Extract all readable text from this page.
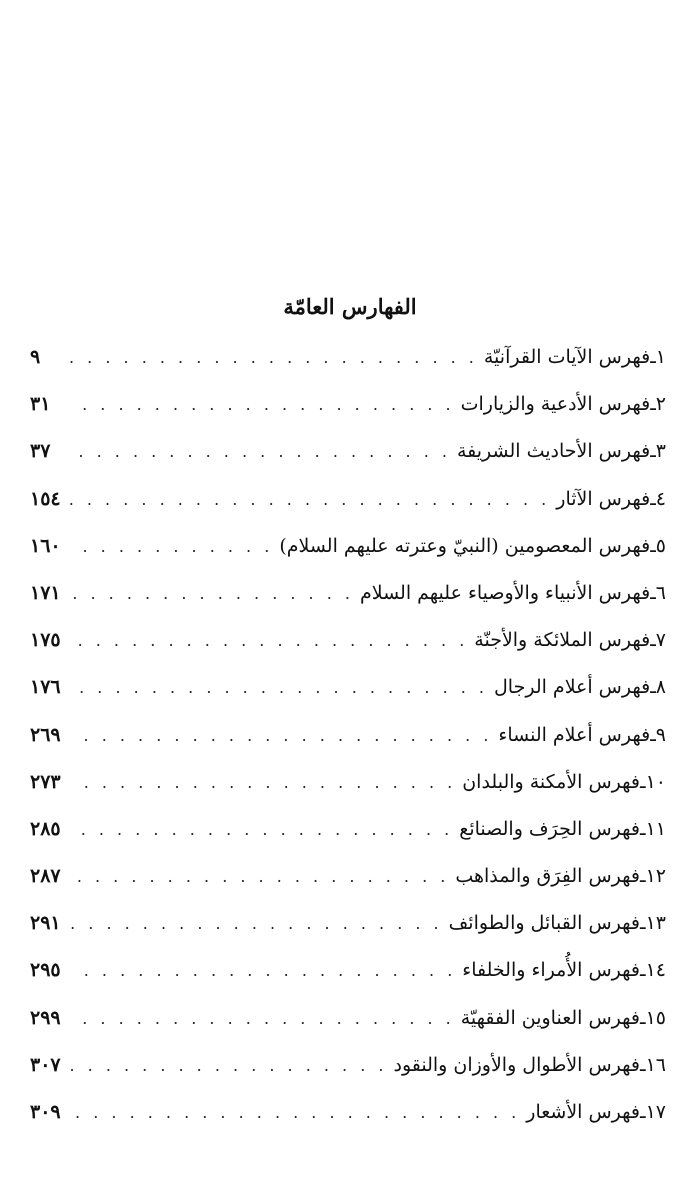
الفهارس العامّة
١
ـ
فهرس الآيات القرآنيّة
. . .
٩
٢
ـ
فهرس الأدعية والزيارات
. . .
٣١
٣
ـ
فهرس الأحاديث الشريفة
. . .
٣٧
٤
ـ
فهرس الآثار
. . .
١٥٤
٥
ـ
فهرس المعصومين (النبيّ وعترته عليهم السلام)
. . .
١٦٠
٦
ـ
فهرس الأنبياء والأوصياء عليهم السلام
. . .
١٧١
٧
ـ
فهرس الملائكة والأجنّة
. . .
١٧٥
٨
ـ
فهرس أعلام الرجال
. . .
١٧٦
٩
ـ
فهرس أعلام النساء
. . .
٢٦٩
١٠
ـ
فهرس الأمكنة والبلدان
. . .
٢٧٣
١١
ـ
فهرس الحِرَف والصنائع
. . .
٢٨٥
١٢
ـ
فهرس الفِرَق والمذاهب
. . .
٢٨٧
١٣
ـ
فهرس القبائل والطوائف
. . .
٢٩١
١٤
ـ
فهرس الأُمراء والخلفاء
. . .
٢٩٥
١٥
ـ
فهرس العناوين الفقهيّة
. . .
٢٩٩
١٦
ـ
فهرس الأطوال والأوزان والنقود
. . .
٣٠٧
١٧
ـ
فهرس الأشعار
. . .
٣٠٩
